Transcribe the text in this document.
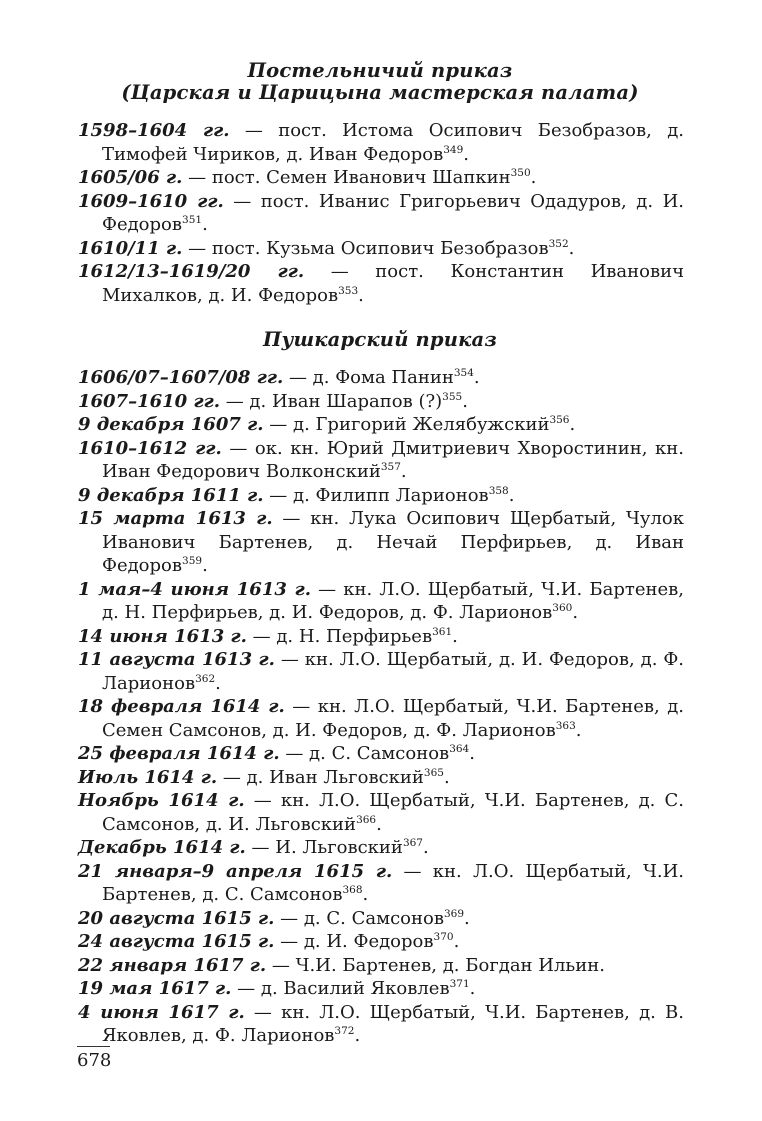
Постельничий приказ
(Царская и Царицына мастерская палата)
1598–1604 гг. — пост. Истома Осипович Безобразов, д. Тимофей Чириков, д. Иван Федоров$^{349}$.
1605/06 г. — пост. Семен Иванович Шапкин$^{350}$.
1609–1610 гг. — пост. Иванис Григорьевич Одадуров, д. И. Федоров$^{351}$.
1610/11 г. — пост. Кузьма Осипович Безобразов$^{352}$.
1612/13–1619/20 гг. — пост. Константин Иванович Михалков, д. И. Федоров$^{353}$.
Пушкарский приказ
1606/07–1607/08 гг. — д. Фома Панин$^{354}$.
1607–1610 гг. — д. Иван Шарапов (?)$^{355}$.
9 декабря 1607 г. — д. Григорий Желябужский$^{356}$.
1610–1612 гг. — ок. кн. Юрий Дмитриевич Хворостинин, кн. Иван Федорович Волконский$^{357}$.
9 декабря 1611 г. — д. Филипп Ларионов$^{358}$.
15 марта 1613 г. — кн. Лука Осипович Щербатый, Чулок Иванович Бартенев, д. Нечай Перфирьев, д. Иван Федоров$^{359}$.
1 мая–4 июня 1613 г. — кн. Л.О. Щербатый, Ч.И. Бартенев, д. Н. Перфирьев, д. И. Федоров, д. Ф. Ларионов$^{360}$.
14 июня 1613 г. — д. Н. Перфирьев$^{361}$.
11 августа 1613 г. — кн. Л.О. Щербатый, д. И. Федоров, д. Ф. Ларионов$^{362}$.
18 февраля 1614 г. — кн. Л.О. Щербатый, Ч.И. Бартенев, д. Семен Самсонов, д. И. Федоров, д. Ф. Ларионов$^{363}$.
25 февраля 1614 г. — д. С. Самсонов$^{364}$.
Июль 1614 г. — д. Иван Льговский$^{365}$.
Ноябрь 1614 г. — кн. Л.О. Щербатый, Ч.И. Бартенев, д. С. Самсонов, д. И. Льговский$^{366}$.
Декабрь 1614 г. — И. Льговский$^{367}$.
21 января–9 апреля 1615 г. — кн. Л.О. Щербатый, Ч.И. Бартенев, д. С. Самсонов$^{368}$.
20 августа 1615 г. — д. С. Самсонов$^{369}$.
24 августа 1615 г. — д. И. Федоров$^{370}$.
22 января 1617 г. — Ч.И. Бартенев, д. Богдан Ильин.
19 мая 1617 г. — д. Василий Яковлев$^{371}$.
4 июня 1617 г. — кн. Л.О. Щербатый, Ч.И. Бартенев, д. В. Яковлев, д. Ф. Ларионов$^{372}$.
678
